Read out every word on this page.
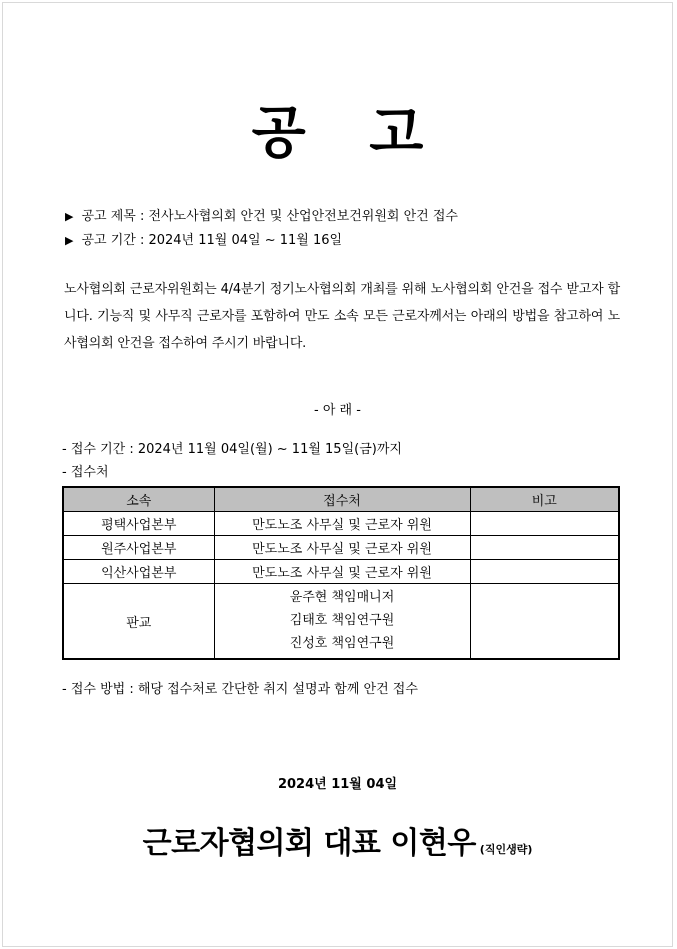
공 고
▶ 공고 제목 : 전사노사협의회 안건 및 산업안전보건위원회 안건 접수
▶ 공고 기간 : 2024년 11월 04일 ~ 11월 16일
노사협의회 근로자위원회는 4/4분기 정기노사협의회 개최를 위해 노사협의회 안건을 접수 받고자 합니다. 기능직 및 사무직 근로자를 포함하여 만도 소속 모든 근로자께서는 아래의 방법을 참고하여 노사협의회 안건을 접수하여 주시기 바랍니다.
- 아 래 -
- 접수 기간 : 2024년 11월 04일(월) ~ 11월 15일(금)까지
- 접수처
소속	접수처	비고
평택사업본부	만도노조 사무실 및 근로자 위원	
원주사업본부	만도노조 사무실 및 근로자 위원	
익산사업본부	만도노조 사무실 및 근로자 위원	
판교	윤주현 책임매니저
김태호 책임연구원
진성호 책임연구원	

- 접수 방법 : 해당 접수처로 간단한 취지 설명과 함께 안건 접수
2024년 11월 04일
근로자협의회 대표 이현우 (직인생략)
